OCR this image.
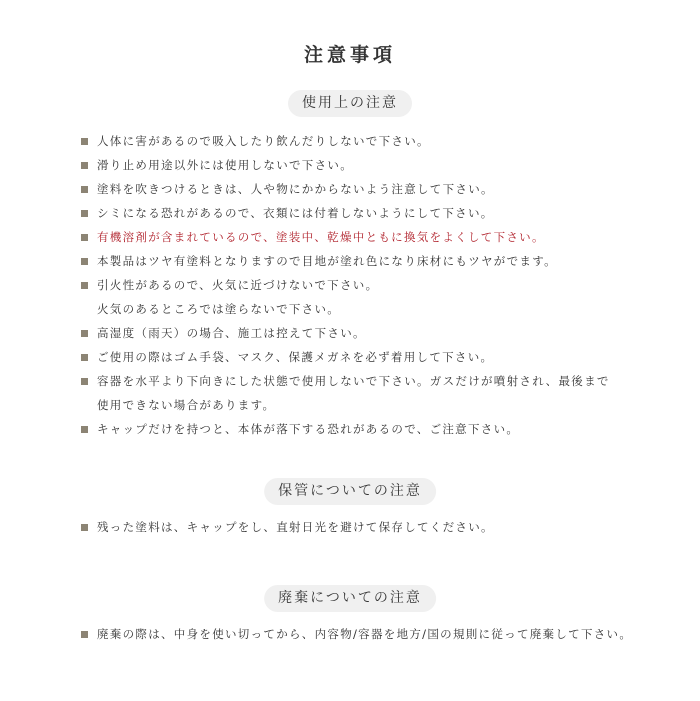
注意事項
使用上の注意
人体に害があるので吸入したり飲んだりしないで下さい。
滑り止め用途以外には使用しないで下さい。
塗料を吹きつけるときは、人や物にかからないよう注意して下さい。
シミになる恐れがあるので、衣類には付着しないようにして下さい。
有機溶剤が含まれているので、塗装中、乾燥中ともに換気をよくして下さい。
本製品はツヤ有塗料となりますので目地が塗れ色になり床材にもツヤがでます。
引火性があるので、火気に近づけないで下さい。
火気のあるところでは塗らないで下さい。
高湿度（雨天）の場合、施工は控えて下さい。
ご使用の際はゴム手袋、マスク、保護メガネを必ず着用して下さい。
容器を水平より下向きにした状態で使用しないで下さい。ガスだけが噴射され、最後まで
使用できない場合があります。
キャップだけを持つと、本体が落下する恐れがあるので、ご注意下さい。
保管についての注意
残った塗料は、キャップをし、直射日光を避けて保存してください。
廃棄についての注意
廃棄の際は、中身を使い切ってから、内容物/容器を地方/国の規則に従って廃棄して下さい。
